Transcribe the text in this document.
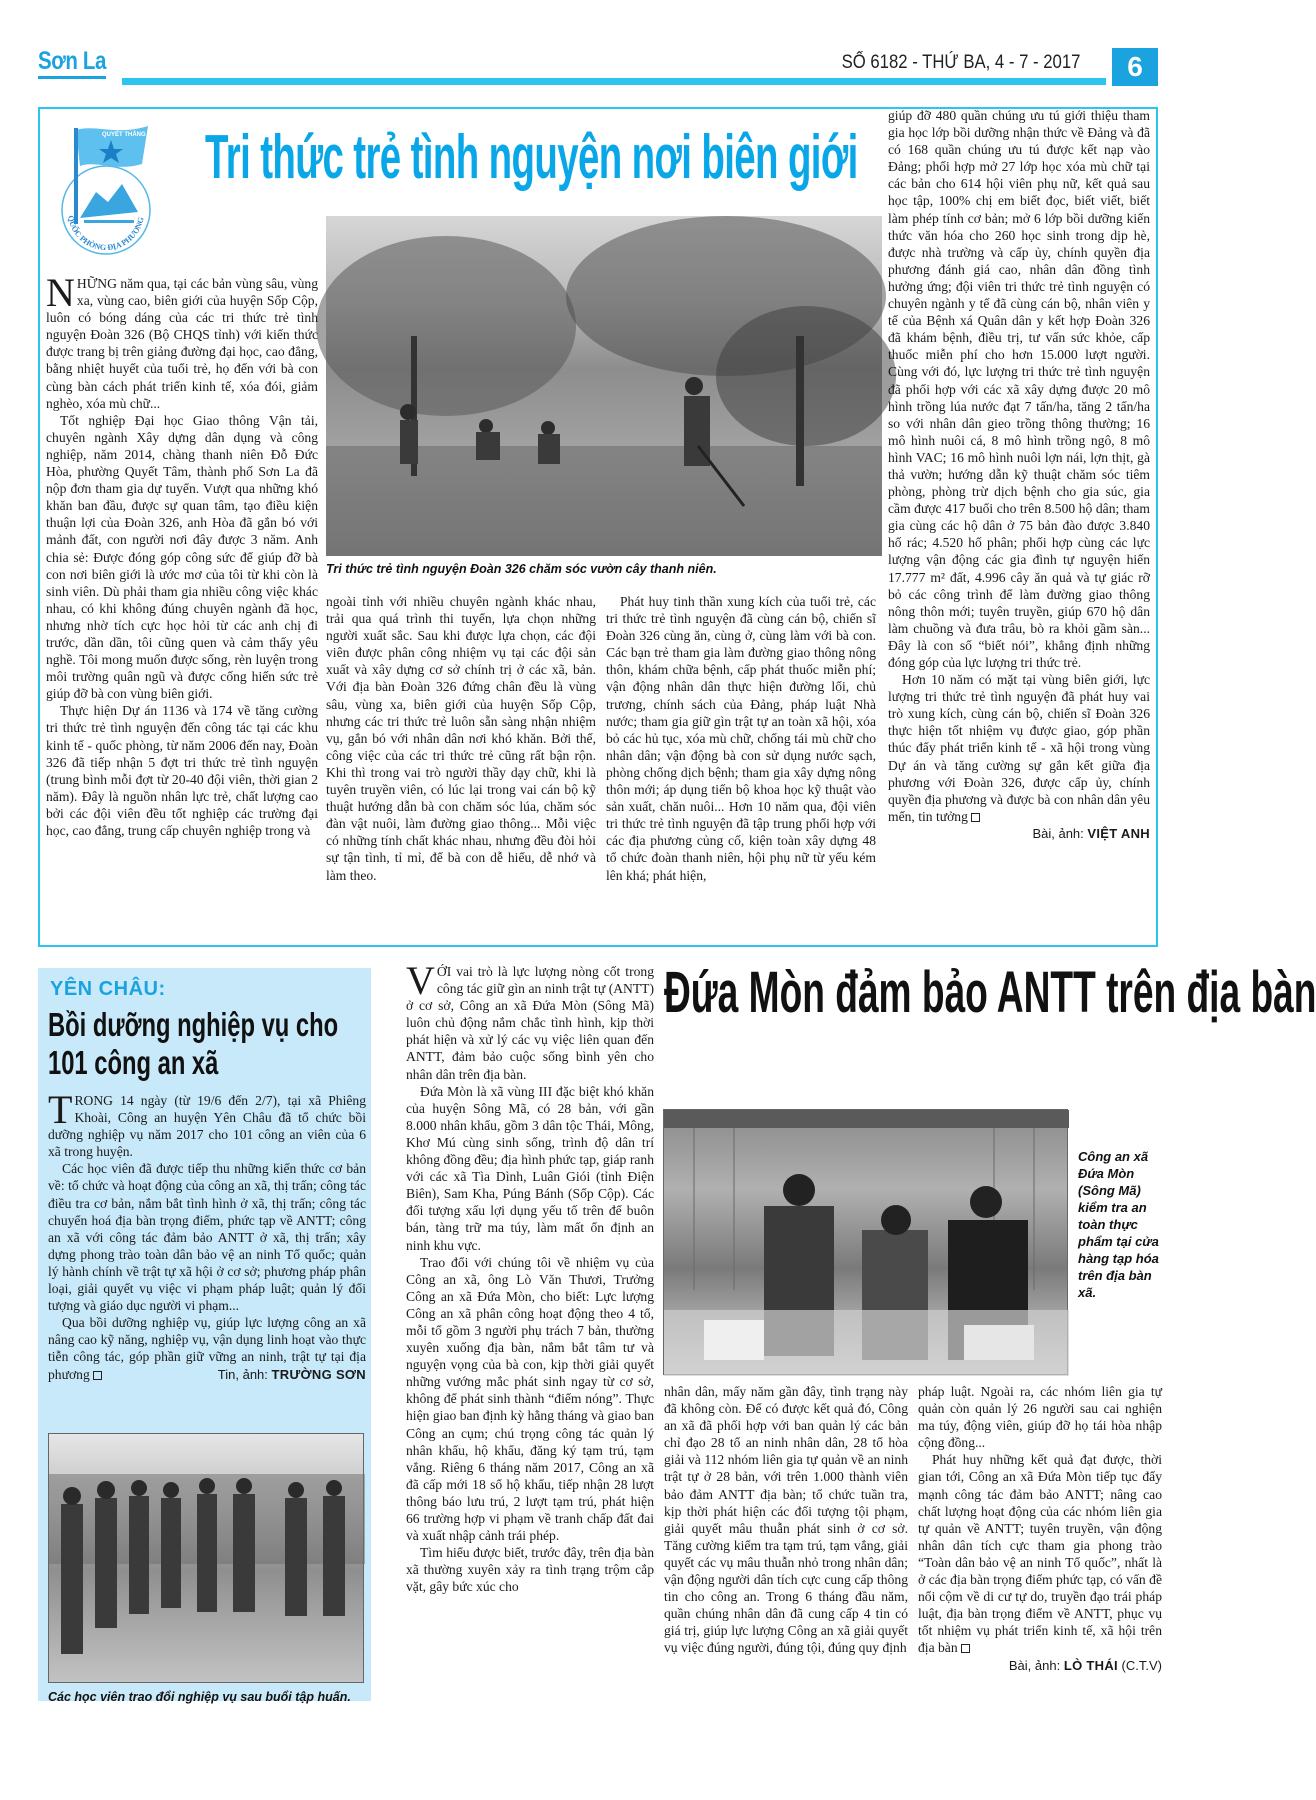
Sơn La	SỐ 6182 - THỨ BA, 4 - 7 - 2017	6
QUYẾT THẮNG
QUỐC PHÒNG ĐỊA PHƯƠNG
Tri thức trẻ tình nguyện nơi biên giới
Tri thức trẻ tình nguyện Đoàn 326 chăm sóc vườn cây thanh niên.

NHỮNG năm qua, tại các bản vùng sâu, vùng xa, vùng cao, biên giới của huyện Sốp Cộp, luôn có bóng dáng của các tri thức trẻ tình nguyện Đoàn 326 (Bộ CHQS tỉnh) với kiến thức được trang bị trên giảng đường đại học, cao đẳng, bằng nhiệt huyết của tuổi trẻ, họ đến với bà con cùng bàn cách phát triển kinh tế, xóa đói, giảm nghèo, xóa mù chữ...

Tốt nghiệp Đại học Giao thông Vận tải, chuyên ngành Xây dựng dân dụng và công nghiệp, năm 2014, chàng thanh niên Đỗ Đức Hòa, phường Quyết Tâm, thành phố Sơn La đã nộp đơn tham gia dự tuyển. Vượt qua những khó khăn ban đầu, được sự quan tâm, tạo điều kiện thuận lợi của Đoàn 326, anh Hòa đã gắn bó với mảnh đất, con người nơi đây được 3 năm. Anh chia sẻ: Được đóng góp công sức để giúp đỡ bà con nơi biên giới là ước mơ của tôi từ khi còn là sinh viên. Dù phải tham gia nhiều công việc khác nhau, có khi không đúng chuyên ngành đã học, nhưng nhờ tích cực học hỏi từ các anh chị đi trước, dần dần, tôi cũng quen và cảm thấy yêu nghề. Tôi mong muốn được sống, rèn luyện trong môi trường quân ngũ và được cống hiến sức trẻ giúp đỡ bà con vùng biên giới.

Thực hiện Dự án 1136 và 174 về tăng cường tri thức trẻ tình nguyện đến công tác tại các khu kinh tế - quốc phòng, từ năm 2006 đến nay, Đoàn 326 đã tiếp nhận 5 đợt tri thức trẻ tình nguyện (trung bình mỗi đợt từ 20-40 đội viên, thời gian 2 năm). Đây là nguồn nhân lực trẻ, chất lượng cao bởi các đội viên đều tốt nghiệp các trường đại học, cao đẳng, trung cấp chuyên nghiệp trong và

ngoài tỉnh với nhiều chuyên ngành khác nhau, trải qua quá trình thi tuyển, lựa chọn những người xuất sắc. Sau khi được lựa chọn, các đội viên được phân công nhiệm vụ tại các đội sản xuất và xây dựng cơ sở chính trị ở các xã, bản. Với địa bàn Đoàn 326 đứng chân đều là vùng sâu, vùng xa, biên giới của huyện Sốp Cộp, nhưng các tri thức trẻ luôn sẵn sàng nhận nhiệm vụ, gắn bó với nhân dân nơi khó khăn. Bởi thế, công việc của các tri thức trẻ cũng rất bận rộn. Khi thì trong vai trò người thầy dạy chữ, khi là tuyên truyền viên, có lúc lại trong vai cán bộ kỹ thuật hướng dẫn bà con chăm sóc lúa, chăm sóc đàn vật nuôi, làm đường giao thông... Mỗi việc có những tính chất khác nhau, nhưng đều đòi hỏi sự tận tình, tỉ mỉ, để bà con dễ hiểu, dễ nhớ và làm theo.

Phát huy tinh thần xung kích của tuổi trẻ, các tri thức trẻ tình nguyện đã cùng cán bộ, chiến sĩ Đoàn 326 cùng ăn, cùng ở, cùng làm với bà con. Các bạn trẻ tham gia làm đường giao thông nông thôn, khám chữa bệnh, cấp phát thuốc miễn phí; vận động nhân dân thực hiện đường lối, chủ trương, chính sách của Đảng, pháp luật Nhà nước; tham gia giữ gìn trật tự an toàn xã hội, xóa bỏ các hủ tục, xóa mù chữ, chống tái mù chữ cho nhân dân; vận động bà con sử dụng nước sạch, phòng chống dịch bệnh; tham gia xây dựng nông thôn mới; áp dụng tiến bộ khoa học kỹ thuật vào sản xuất, chăn nuôi... Hơn 10 năm qua, đội viên tri thức trẻ tình nguyện đã tập trung phối hợp với các địa phương củng cố, kiện toàn xây dựng 48 tổ chức đoàn thanh niên, hội phụ nữ từ yếu kém lên khá; phát hiện,

giúp đỡ 480 quần chúng ưu tú giới thiệu tham gia học lớp bồi dưỡng nhận thức về Đảng và đã có 168 quần chúng ưu tú được kết nạp vào Đảng; phối hợp mở 27 lớp học xóa mù chữ tại các bản cho 614 hội viên phụ nữ, kết quả sau học tập, 100% chị em biết đọc, biết viết, biết làm phép tính cơ bản; mở 6 lớp bồi dưỡng kiến thức văn hóa cho 260 học sinh trong dịp hè, được nhà trường và cấp ủy, chính quyền địa phương đánh giá cao, nhân dân đồng tình hưởng ứng; đội viên tri thức trẻ tình nguyện có chuyên ngành y tế đã cùng cán bộ, nhân viên y tế của Bệnh xá Quân dân y kết hợp Đoàn 326 đã khám bệnh, điều trị, tư vấn sức khỏe, cấp thuốc miễn phí cho hơn 15.000 lượt người. Cùng với đó, lực lượng tri thức trẻ tình nguyện đã phối hợp với các xã xây dựng được 20 mô hình trồng lúa nước đạt 7 tấn/ha, tăng 2 tấn/ha so với nhân dân gieo trồng thông thường; 16 mô hình nuôi cá, 8 mô hình trồng ngô, 8 mô hình VAC; 16 mô hình nuôi lợn nái, lợn thịt, gà thả vườn; hướng dẫn kỹ thuật chăm sóc tiêm phòng, phòng trừ dịch bệnh cho gia súc, gia cầm được 417 buổi cho trên 8.500 hộ dân; tham gia cùng các hộ dân ở 75 bản đào được 3.840 hố rác; 4.520 hố phân; phối hợp cùng các lực lượng vận động các gia đình tự nguyện hiến 17.777 m² đất, 4.996 cây ăn quả và tự giác rỡ bỏ các công trình để làm đường giao thông nông thôn mới; tuyên truyền, giúp 670 hộ dân làm chuồng và đưa trâu, bò ra khỏi gầm sàn... Đây là con số “biết nói”, khẳng định những đóng góp của lực lượng tri thức trẻ.

Hơn 10 năm có mặt tại vùng biên giới, lực lượng tri thức trẻ tình nguyện đã phát huy vai trò xung kích, cùng cán bộ, chiến sĩ Đoàn 326 thực hiện tốt nhiệm vụ được giao, góp phần thúc đẩy phát triển kinh tế - xã hội trong vùng Dự án và tăng cường sự gắn kết giữa địa phương với Đoàn 326, được cấp ủy, chính quyền địa phương và được bà con nhân dân yêu mến, tin tưởng

Bài, ảnh: VIỆT ANH
YÊN CHÂU:
Bồi dưỡng nghiệp vụ cho 101 công an xã

TRONG 14 ngày (từ 19/6 đến 2/7), tại xã Phiêng Khoài, Công an huyện Yên Châu đã tổ chức bồi dưỡng nghiệp vụ năm 2017 cho 101 công an viên của 6 xã trong huyện.

Các học viên đã được tiếp thu những kiến thức cơ bản về: tổ chức và hoạt động của công an xã, thị trấn; công tác điều tra cơ bản, nắm bắt tình hình ở xã, thị trấn; công tác chuyển hoá địa bàn trọng điểm, phức tạp về ANTT; công an xã với công tác đảm bảo ANTT ở xã, thị trấn; xây dựng phong trào toàn dân bảo vệ an ninh Tổ quốc; quản lý hành chính về trật tự xã hội ở cơ sở; phương pháp phân loại, giải quyết vụ việc vi phạm pháp luật; quản lý đối tượng và giáo dục người vi phạm...

Qua bồi dưỡng nghiệp vụ, giúp lực lượng công an xã nâng cao kỹ năng, nghiệp vụ, vận dụng linh hoạt vào thực tiễn công tác, góp phần giữ vững an ninh, trật tự tại địa phương	Tin, ảnh: TRƯỜNG SƠN
Các học viên trao đổi nghiệp vụ sau buổi tập huấn.
Đứa Mòn đảm bảo ANTT trên địa bàn

VỚI vai trò là lực lượng nòng cốt trong công tác giữ gìn an ninh trật tự (ANTT) ở cơ sở, Công an xã Đứa Mòn (Sông Mã) luôn chủ động nắm chắc tình hình, kịp thời phát hiện và xử lý các vụ việc liên quan đến ANTT, đảm bảo cuộc sống bình yên cho nhân dân trên địa bàn.

Đứa Mòn là xã vùng III đặc biệt khó khăn của huyện Sông Mã, có 28 bản, với gần 8.000 nhân khẩu, gồm 3 dân tộc Thái, Mông, Khơ Mú cùng sinh sống, trình độ dân trí không đồng đều; địa hình phức tạp, giáp ranh với các xã Tìa Dình, Luân Giói (tỉnh Điện Biên), Sam Kha, Púng Bánh (Sốp Cộp). Các đối tượng xấu lợi dụng yếu tố trên để buôn bán, tàng trữ ma túy, làm mất ổn định an ninh khu vực.

Trao đổi với chúng tôi về nhiệm vụ của Công an xã, ông Lò Văn Thươi, Trưởng Công an xã Đứa Mòn, cho biết: Lực lượng Công an xã phân công hoạt động theo 4 tổ, mỗi tổ gồm 3 người phụ trách 7 bản, thường xuyên xuống địa bàn, nắm bắt tâm tư và nguyện vọng của bà con, kịp thời giải quyết những vướng mắc phát sinh ngay từ cơ sở, không để phát sinh thành “điểm nóng”. Thực hiện giao ban định kỳ hằng tháng và giao ban Công an cụm; chú trọng công tác quản lý nhân khẩu, hộ khẩu, đăng ký tạm trú, tạm vắng. Riêng 6 tháng năm 2017, Công an xã đã cấp mới 18 sổ hộ khẩu, tiếp nhận 28 lượt thông báo lưu trú, 2 lượt tạm trú, phát hiện 66 trường hợp vi phạm về tranh chấp đất đai và xuất nhập cảnh trái phép.

Tìm hiểu được biết, trước đây, trên địa bàn xã thường xuyên xảy ra tình trạng trộm cắp vặt, gây bức xúc cho

Công an xã Đứa Mòn (Sông Mã) kiểm tra an toàn thực phẩm tại cửa hàng tạp hóa trên địa bàn xã.

nhân dân, mấy năm gần đây, tình trạng này đã không còn. Để có được kết quả đó, Công an xã đã phối hợp với ban quản lý các bản chỉ đạo 28 tổ an ninh nhân dân, 28 tổ hòa giải và 112 nhóm liên gia tự quản về an ninh trật tự ở 28 bản, với trên 1.000 thành viên bảo đảm ANTT địa bàn; tổ chức tuần tra, kịp thời phát hiện các đối tượng tội phạm, giải quyết mâu thuẫn phát sinh ở cơ sở. Tăng cường kiểm tra tạm trú, tạm vắng, giải quyết các vụ mâu thuẫn nhỏ trong nhân dân; vận động người dân tích cực cung cấp thông tin cho công an. Trong 6 tháng đầu năm, quần chúng nhân dân đã cung cấp 4 tin có giá trị, giúp lực lượng Công an xã giải quyết vụ việc đúng người, đúng tội, đúng quy định

pháp luật. Ngoài ra, các nhóm liên gia tự quản còn quản lý 26 người sau cai nghiện ma túy, động viên, giúp đỡ họ tái hòa nhập cộng đồng...

Phát huy những kết quả đạt được, thời gian tới, Công an xã Đứa Mòn tiếp tục đẩy mạnh công tác đảm bảo ANTT; nâng cao chất lượng hoạt động của các nhóm liên gia tự quản về ANTT; tuyên truyền, vận động nhân dân tích cực tham gia phong trào “Toàn dân bảo vệ an ninh Tổ quốc”, nhất là ở các địa bàn trọng điểm phức tạp, có vấn đề nổi cộm về di cư tự do, truyền đạo trái pháp luật, địa bàn trọng điểm về ANTT, phục vụ tốt nhiệm vụ phát triển kinh tế, xã hội trên địa bàn

Bài, ảnh: LÒ THÁI (C.T.V)
